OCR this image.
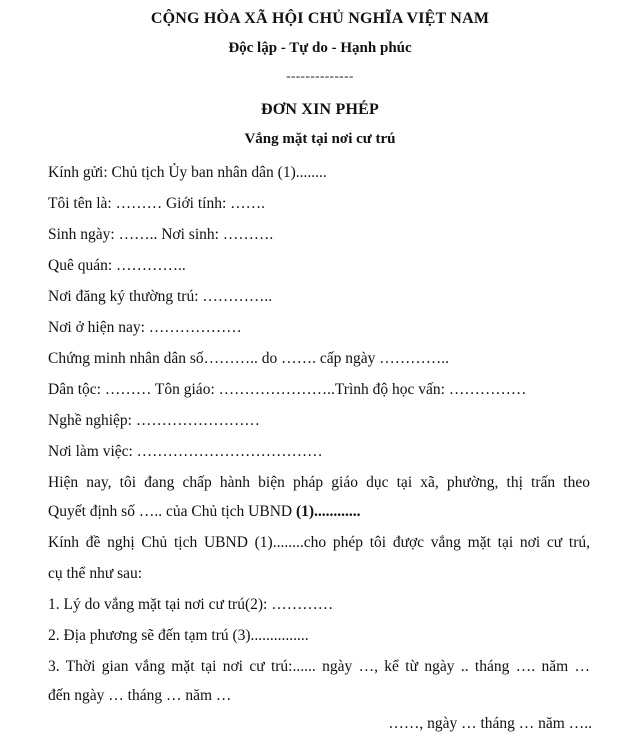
CỘNG HÒA XÃ HỘI CHỦ NGHĨA VIỆT NAM
Độc lập - Tự do - Hạnh phúc
--------------
ĐƠN XIN PHÉP
Vắng mặt tại nơi cư trú
Kính gửi: Chủ tịch Ủy ban nhân dân (1)........
Tôi tên là: ……… Giới tính: …….
Sinh ngày: …….. Nơi sinh: ……….
Quê quán: …………..
Nơi đăng ký thường trú: …………..
Nơi ở hiện nay: ………………
Chứng minh nhân dân số……….. do ……. cấp ngày …………..
Dân tộc: ……… Tôn giáo: …………………..Trình độ học vấn: ……………
Nghề nghiệp: ……………………
Nơi làm việc: ………………………………
Hiện nay, tôi đang chấp hành biện pháp giáo dục tại xã, phường, thị trấn theo
Quyết định số ….. của Chủ tịch UBND (1)............
Kính đề nghị Chủ tịch UBND (1)........cho phép tôi được vắng mặt tại nơi cư trú,
cụ thể như sau:
1. Lý do vắng mặt tại nơi cư trú(2): …………
2. Địa phương sẽ đến tạm trú (3)...............
3. Thời gian vắng mặt tại nơi cư trú:...... ngày …, kể từ ngày .. tháng …. năm …
đến ngày … tháng … năm …
……, ngày … tháng … năm …..
